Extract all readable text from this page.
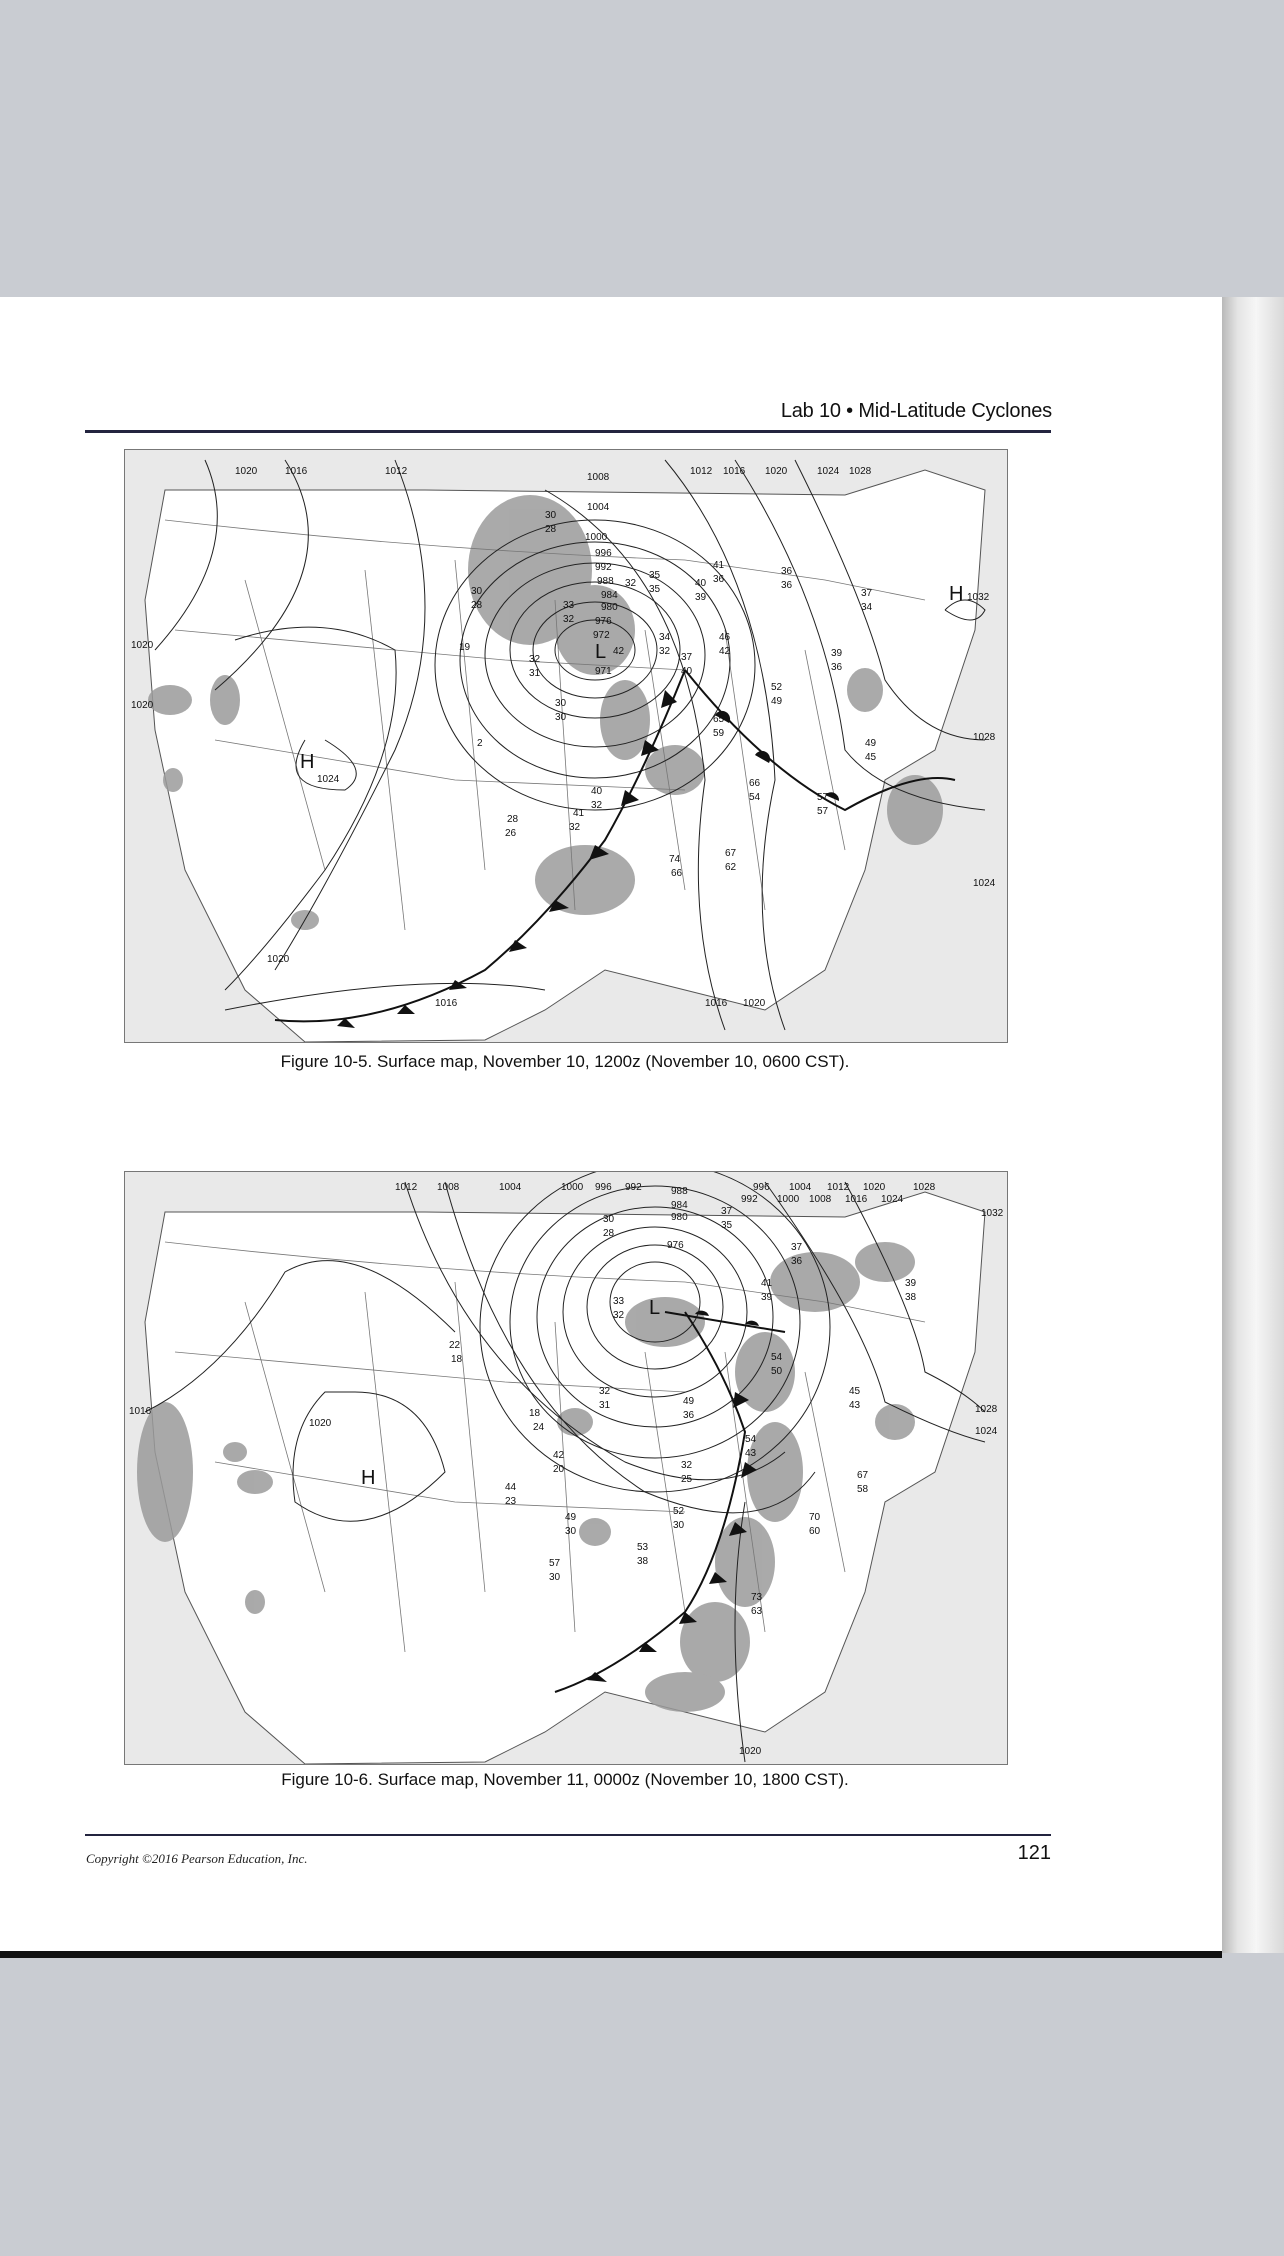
Lab 10 • Mid-Latitude Cyclones
L
971
H 1032
H
1024
1020	1016	1012
1008
1004
1000
996
992
988
984
980
976
972
1012 1016 1020	1024 1028
1020
1020
1028
1024
1016
1020
1016 1020
30
28
30
28
19
33
32
32
31
42
2
30
30
32
35
35
40
39
41
36
36
36
37
34
34
32
37
40
46
42
52
49
39
36
65
59
49
45
40
32
41
32
28
26
66
54	57
57
74
66
67
62
Figure 10-5. Surface map, November 10, 1200z (November 10, 0600 CST).
L
H
1012 1008	1004	1000 996 992	988
984
980
976
996
992 1000
1004
1008
1012
1016
1020
1024
1028
1032
1016
1020
1028
1024
1020
30
28
37
35
37
36
41
39
39
38
33
32
22
18
32
31
18
24
49
36
54
50
45
43
42
20
54
43
44
23
32
25	67
58
49
30
52
30
70
60
53
38
57
30
73
63
Figure 10-6. Surface map, November 11, 0000z (November 10, 1800 CST).
Copyright ©2016 Pearson Education, Inc.	121
